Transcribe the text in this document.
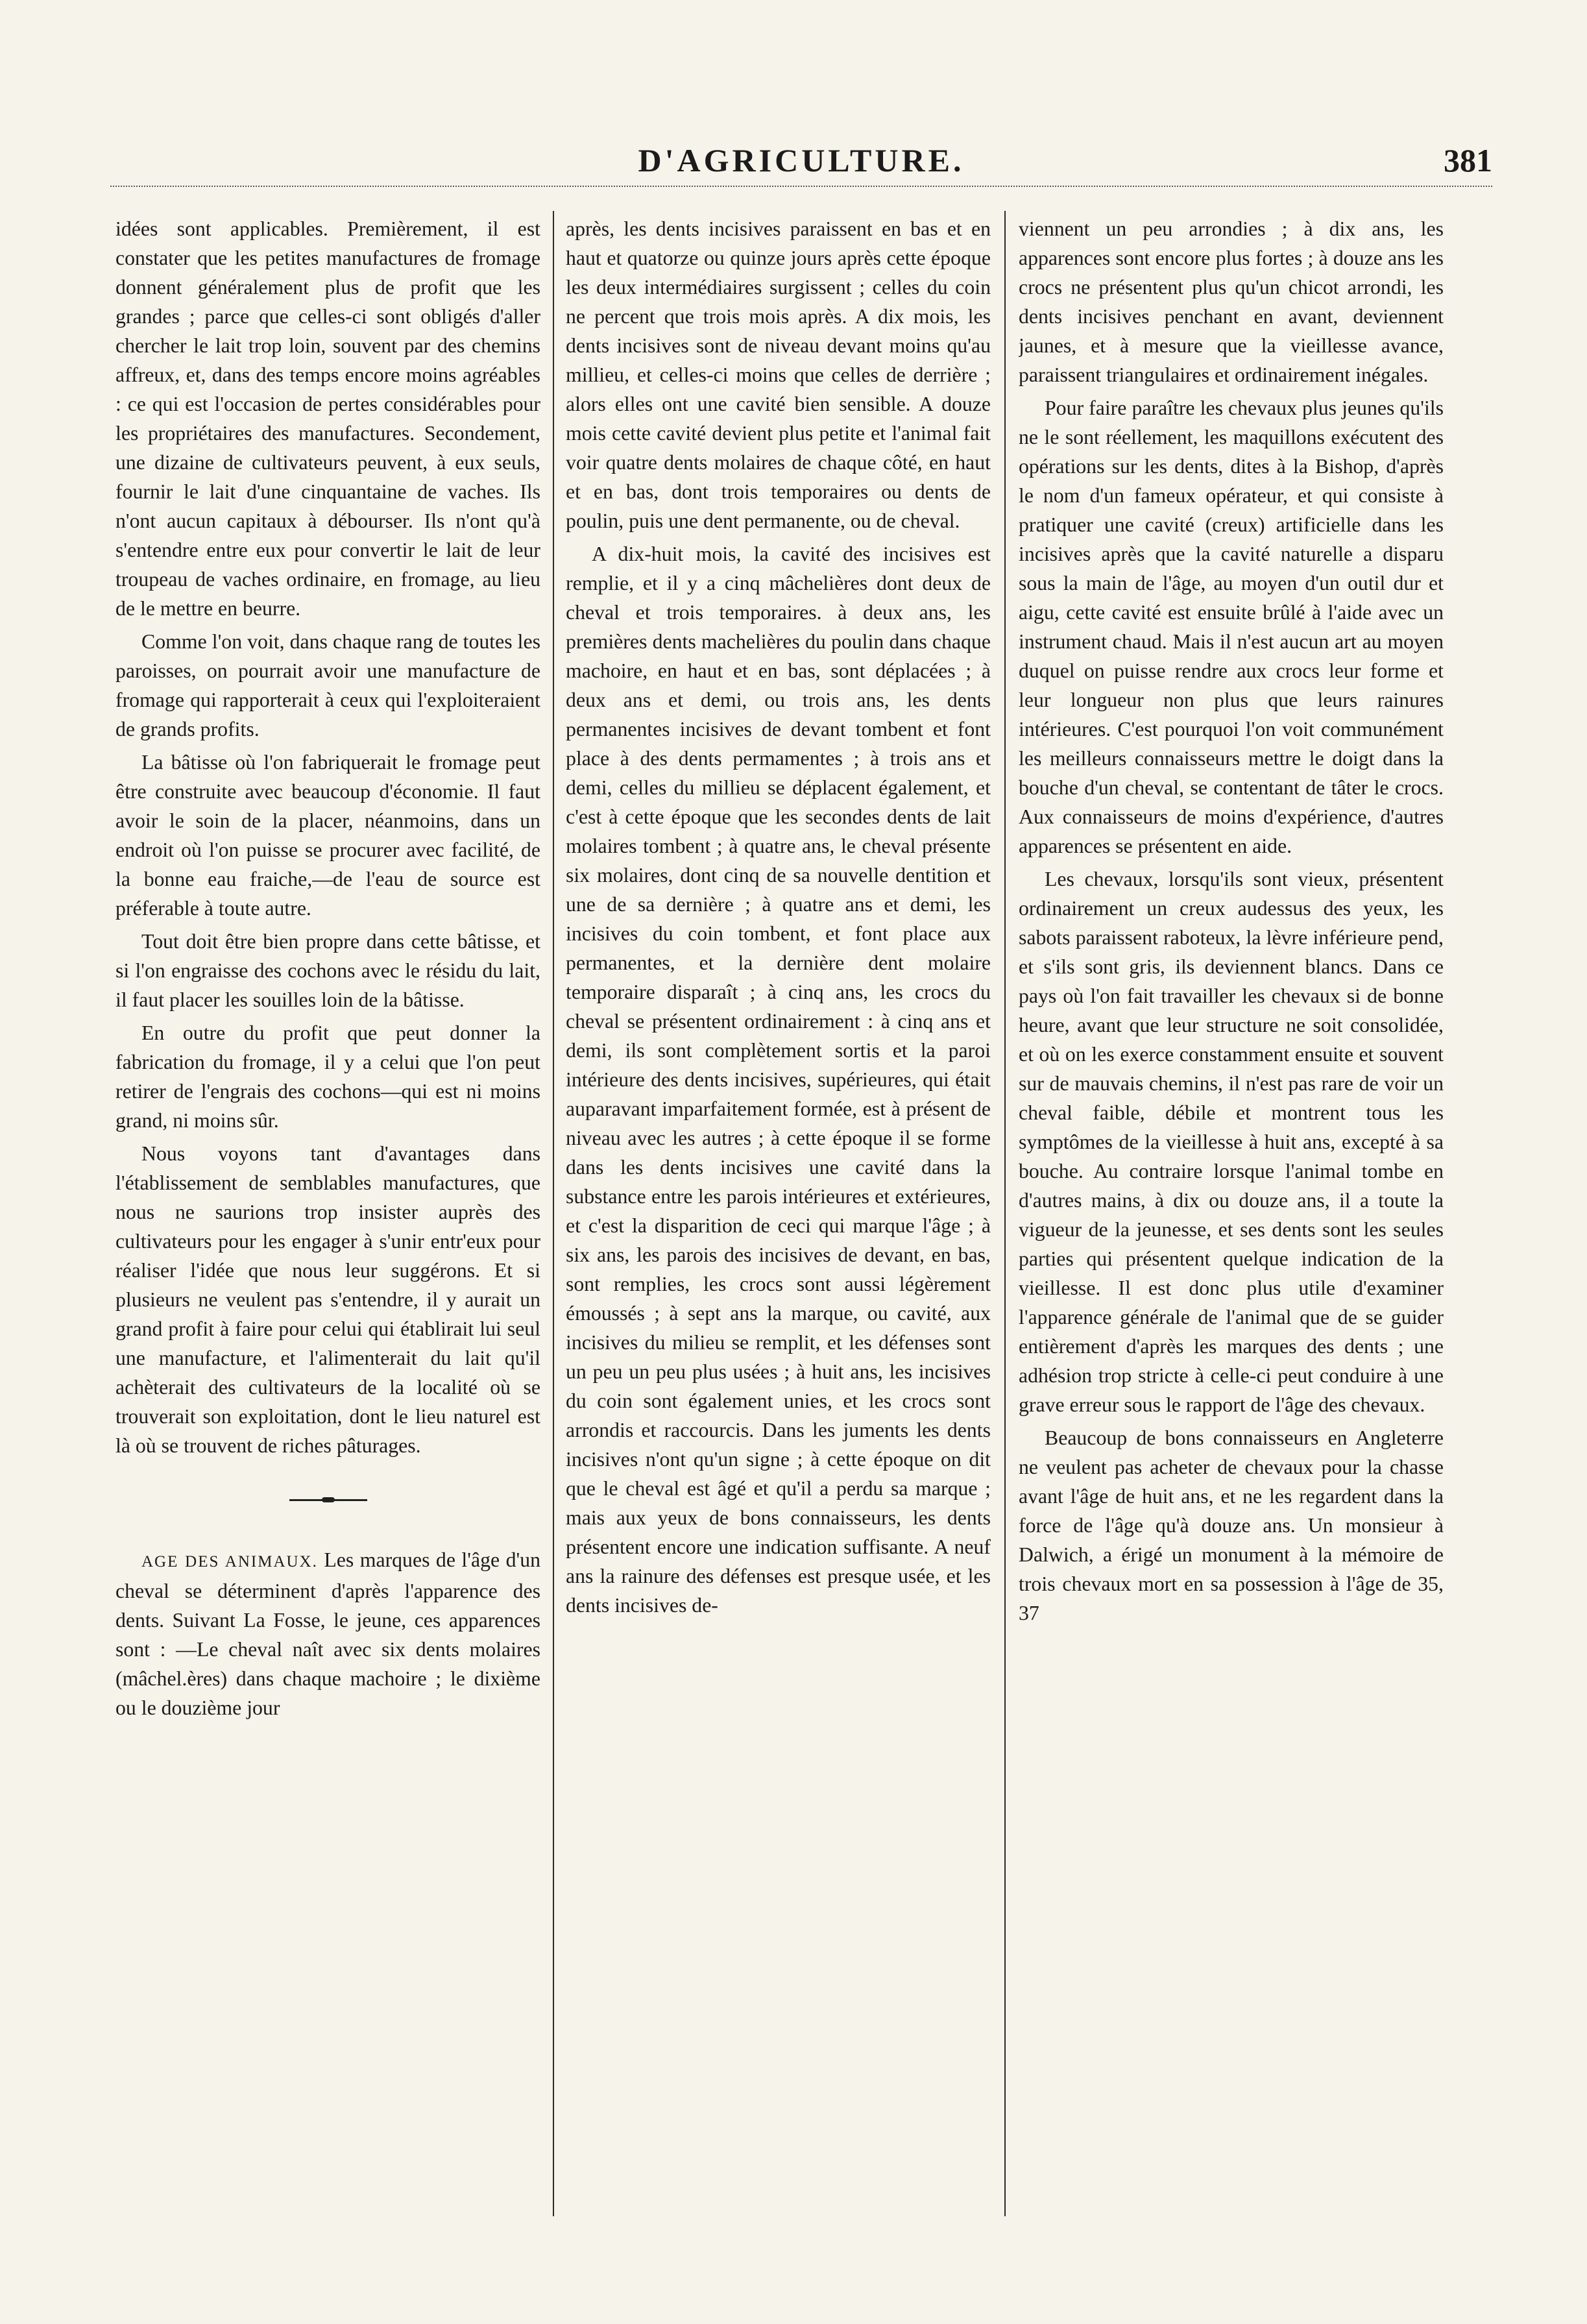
D'AGRICULTURE.	381

idées sont applicables. Premièrement, il est constater que les petites manufactures de fromage donnent généralement plus de profit que les grandes ; parce que celles-ci sont obligés d'aller chercher le lait trop loin, souvent par des chemins affreux, et, dans des temps encore moins agréables : ce qui est l'occasion de pertes considérables pour les propriétaires des manufactures. Secondement, une dizaine de cultivateurs peuvent, à eux seuls, fournir le lait d'une cinquantaine de vaches. Ils n'ont aucun capitaux à débourser. Ils n'ont qu'à s'entendre entre eux pour convertir le lait de leur troupeau de vaches ordinaire, en fromage, au lieu de le mettre en beurre.

Comme l'on voit, dans chaque rang de toutes les paroisses, on pourrait avoir une manufacture de fromage qui rapporterait à ceux qui l'exploiteraient de grands profits.

La bâtisse où l'on fabriquerait le fromage peut être construite avec beaucoup d'économie. Il faut avoir le soin de la placer, néanmoins, dans un endroit où l'on puisse se procurer avec facilité, de la bonne eau fraiche,—de l'eau de source est préferable à toute autre.

Tout doit être bien propre dans cette bâtisse, et si l'on engraisse des cochons avec le résidu du lait, il faut placer les souilles loin de la bâtisse.

En outre du profit que peut donner la fabrication du fromage, il y a celui que l'on peut retirer de l'engrais des cochons—qui est ni moins grand, ni moins sûr.

Nous voyons tant d'avantages dans l'établissement de semblables manufactures, que nous ne saurions trop insister auprès des cultivateurs pour les engager à s'unir entr'eux pour réaliser l'idée que nous leur suggérons. Et si plusieurs ne veulent pas s'entendre, il y aurait un grand profit à faire pour celui qui établirait lui seul une manufacture, et l'alimenterait du lait qu'il achèterait des cultivateurs de la localité où se trouverait son exploitation, dont le lieu naturel est là où se trouvent de riches pâturages.

AGE DES ANIMAUX. Les marques de l'âge d'un cheval se déterminent d'après l'apparence des dents. Suivant La Fosse, le jeune, ces apparences sont : —Le cheval naît avec six dents molaires (mâchel.ères) dans chaque machoire ; le dixième ou le douzième jour

après, les dents incisives paraissent en bas et en haut et quatorze ou quinze jours après cette époque les deux intermédiaires surgissent ; celles du coin ne percent que trois mois après. A dix mois, les dents incisives sont de niveau devant moins qu'au millieu, et celles-ci moins que celles de derrière ; alors elles ont une cavité bien sensible. A douze mois cette cavité devient plus petite et l'animal fait voir quatre dents molaires de chaque côté, en haut et en bas, dont trois temporaires ou dents de poulin, puis une dent permanente, ou de cheval.

A dix-huit mois, la cavité des incisives est remplie, et il y a cinq mâchelières dont deux de cheval et trois temporaires. à deux ans, les premières dents machelières du poulin dans chaque machoire, en haut et en bas, sont déplacées ; à deux ans et demi, ou trois ans, les dents permanentes incisives de devant tombent et font place à des dents permamentes ; à trois ans et demi, celles du millieu se déplacent également, et c'est à cette époque que les secondes dents de lait molaires tombent ; à quatre ans, le cheval présente six molaires, dont cinq de sa nouvelle dentition et une de sa dernière ; à quatre ans et demi, les incisives du coin tombent, et font place aux permanentes, et la dernière dent molaire temporaire disparaît ; à cinq ans, les crocs du cheval se présentent ordinairement : à cinq ans et demi, ils sont complètement sortis et la paroi intérieure des dents incisives, supérieures, qui était auparavant imparfaitement formée, est à présent de niveau avec les autres ; à cette époque il se forme dans les dents incisives une cavité dans la substance entre les parois intérieures et extérieures, et c'est la disparition de ceci qui marque l'âge ; à six ans, les parois des incisives de devant, en bas, sont remplies, les crocs sont aussi légèrement émoussés ; à sept ans la marque, ou cavité, aux incisives du milieu se remplit, et les défenses sont un peu un peu plus usées ; à huit ans, les incisives du coin sont également unies, et les crocs sont arrondis et raccourcis. Dans les juments les dents incisives n'ont qu'un signe ; à cette époque on dit que le cheval est âgé et qu'il a perdu sa marque ; mais aux yeux de bons connaisseurs, les dents présentent encore une indication suffisante. A neuf ans la rainure des défenses est presque usée, et les dents incisives de-

viennent un peu arrondies ; à dix ans, les apparences sont encore plus fortes ; à douze ans les crocs ne présentent plus qu'un chicot arrondi, les dents incisives penchant en avant, deviennent jaunes, et à mesure que la vieillesse avance, paraissent triangulaires et ordinairement inégales.

Pour faire paraître les chevaux plus jeunes qu'ils ne le sont réellement, les maquillons exécutent des opérations sur les dents, dites à la Bishop, d'après le nom d'un fameux opérateur, et qui consiste à pratiquer une cavité (creux) artificielle dans les incisives après que la cavité naturelle a disparu sous la main de l'âge, au moyen d'un outil dur et aigu, cette cavité est ensuite brûlé à l'aide avec un instrument chaud. Mais il n'est aucun art au moyen duquel on puisse rendre aux crocs leur forme et leur longueur non plus que leurs rainures intérieures. C'est pourquoi l'on voit communément les meilleurs connaisseurs mettre le doigt dans la bouche d'un cheval, se contentant de tâter le crocs. Aux connaisseurs de moins d'expérience, d'autres apparences se présentent en aide.

Les chevaux, lorsqu'ils sont vieux, présentent ordinairement un creux audessus des yeux, les sabots paraissent raboteux, la lèvre inférieure pend, et s'ils sont gris, ils deviennent blancs. Dans ce pays où l'on fait travailler les chevaux si de bonne heure, avant que leur structure ne soit consolidée, et où on les exerce constamment ensuite et souvent sur de mauvais chemins, il n'est pas rare de voir un cheval faible, débile et montrent tous les symptômes de la vieillesse à huit ans, excepté à sa bouche. Au contraire lorsque l'animal tombe en d'autres mains, à dix ou douze ans, il a toute la vigueur de la jeunesse, et ses dents sont les seules parties qui présentent quelque indication de la vieillesse. Il est donc plus utile d'examiner l'apparence générale de l'animal que de se guider entièrement d'après les marques des dents ; une adhésion trop stricte à celle-ci peut conduire à une grave erreur sous le rapport de l'âge des chevaux.

Beaucoup de bons connaisseurs en Angleterre ne veulent pas acheter de chevaux pour la chasse avant l'âge de huit ans, et ne les regardent dans la force de l'âge qu'à douze ans. Un monsieur à Dalwich, a érigé un monument à la mémoire de trois chevaux mort en sa possession à l'âge de 35, 37
